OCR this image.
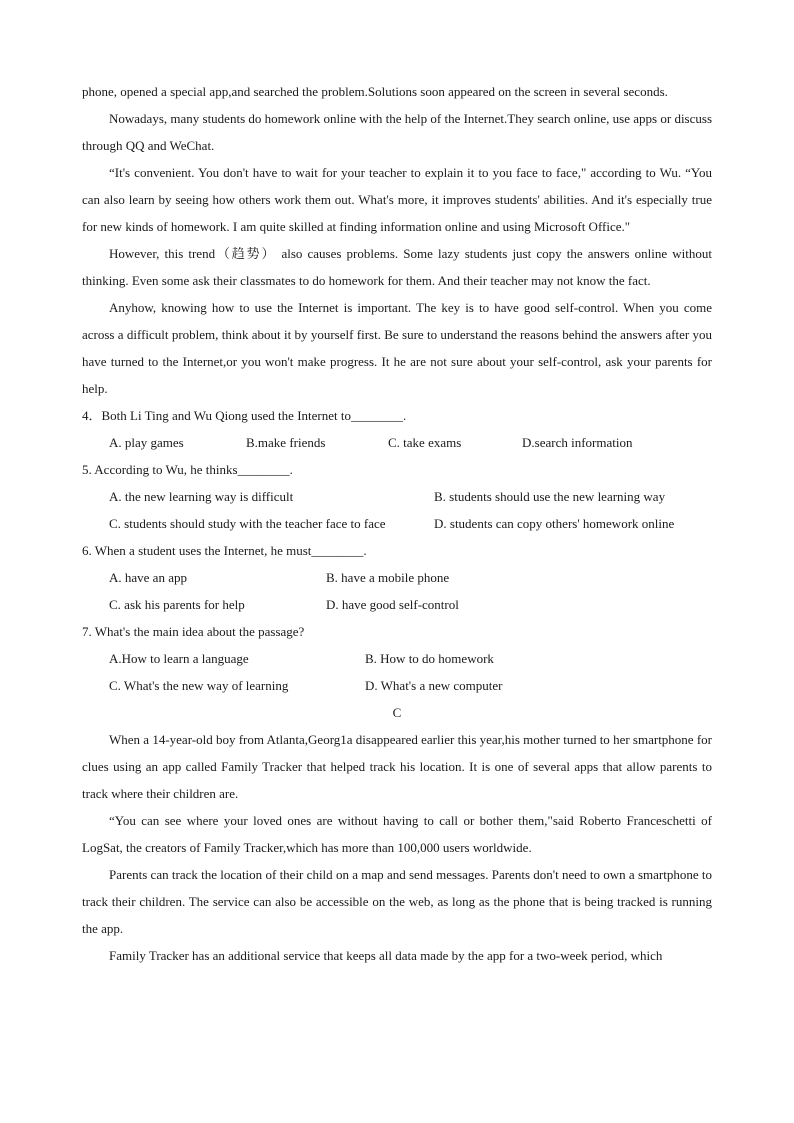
phone, opened a special app,and searched the problem.Solutions soon appeared on the screen in several seconds.

Nowadays, many students do homework online with the help of the Internet.They search online, use apps or discuss through QQ and WeChat.

“It's convenient. You don't have to wait for your teacher to explain it to you face to face," according to Wu. “You can also learn by seeing how others work them out. What's more, it improves students' abilities. And it's especially true for new kinds of homework. I am quite skilled at finding information online and using Microsoft Office."

However, this trend（趋势） also causes problems. Some lazy students just copy the answers online without thinking. Even some ask their classmates to do homework for them. And their teacher may not know the fact.

Anyhow, knowing how to use the Internet is important. The key is to have good self-control. When you come across a difficult problem, think about it by yourself first. Be sure to understand the reasons behind the answers after you have turned to the Internet,or you won't make progress. It he are not sure about your self-control, ask your parents for help.

4．Both Li Ting and Wu Qiong used the Internet to________.

A. play games	B.make friends	C. take exams	D.search information

5. According to Wu, he thinks________.

A. the new learning way is difficult	B. students should use the new learning way
C. students should study with the teacher face to face	D. students can copy others' homework online

6. When a student uses the Internet, he must________.

A. have an app	B. have a mobile phone
C. ask his parents for help	D. have good self-control

7. What's the main idea about the passage?

A.How to learn a language	B. How to do homework
C. What's the new way of learning	D. What's a new computer

C

When a 14-year-old boy from Atlanta,Georg1a disappeared earlier this year,his mother turned to her smartphone for clues using an app called Family Tracker that helped track his location. It is one of several apps that allow parents to track where their children are.

“You can see where your loved ones are without having to call or bother them,"said Roberto Franceschetti of LogSat, the creators of Family Tracker,which has more than 100,000 users worldwide.

Parents can track the location of their child on a map and send messages. Parents don't need to own a smartphone to track their children. The service can also be accessible on the web, as long as the phone that is being tracked is running the app.

Family Tracker has an additional service that keeps all data made by the app for a two-week period, which
